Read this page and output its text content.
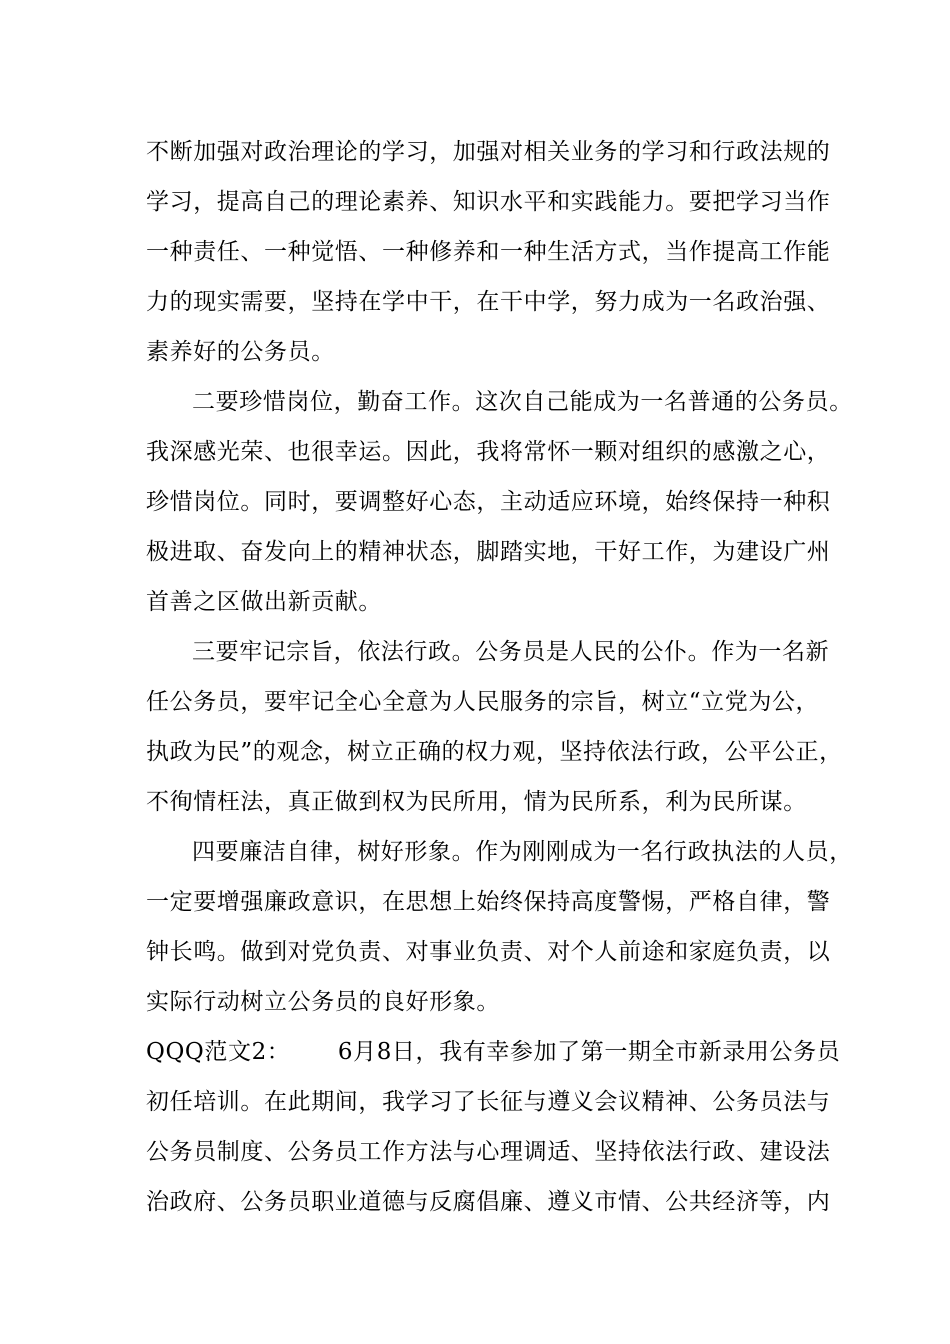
不断加强对政治理论的学习，加强对相关业务的学习和行政法规的
学习，提高自己的理论素养、知识水平和实践能力。要把学习当作
一种责任、一种觉悟、一种修养和一种生活方式，当作提高工作能
力的现实需要，坚持在学中干，在干中学，努力成为一名政治强、
素养好的公务员。
二要珍惜岗位，勤奋工作。这次自己能成为一名普通的公务员。
我深感光荣、也很幸运。因此，我将常怀一颗对组织的感激之心，
珍惜岗位。同时，要调整好心态，主动适应环境，始终保持一种积
极进取、奋发向上的精神状态，脚踏实地，干好工作，为建设广州
首善之区做出新贡献。
三要牢记宗旨，依法行政。公务员是人民的公仆。作为一名新
任公务员，要牢记全心全意为人民服务的宗旨，树立“立党为公，
执政为民”的观念，树立正确的权力观，坚持依法行政，公平公正，
不徇情枉法，真正做到权为民所用，情为民所系，利为民所谋。
四要廉洁自律，树好形象。作为刚刚成为一名行政执法的人员，
一定要增强廉政意识，在思想上始终保持高度警惕，严格自律，警
钟长鸣。做到对党负责、对事业负责、对个人前途和家庭负责，以
实际行动树立公务员的良好形象。
QQQ范文2：      6月8日，我有幸参加了第一期全市新录用公务员
初任培训。在此期间，我学习了长征与遵义会议精神、公务员法与
公务员制度、公务员工作方法与心理调适、坚持依法行政、建设法
治政府、公务员职业道德与反腐倡廉、遵义市情、公共经济等，内
